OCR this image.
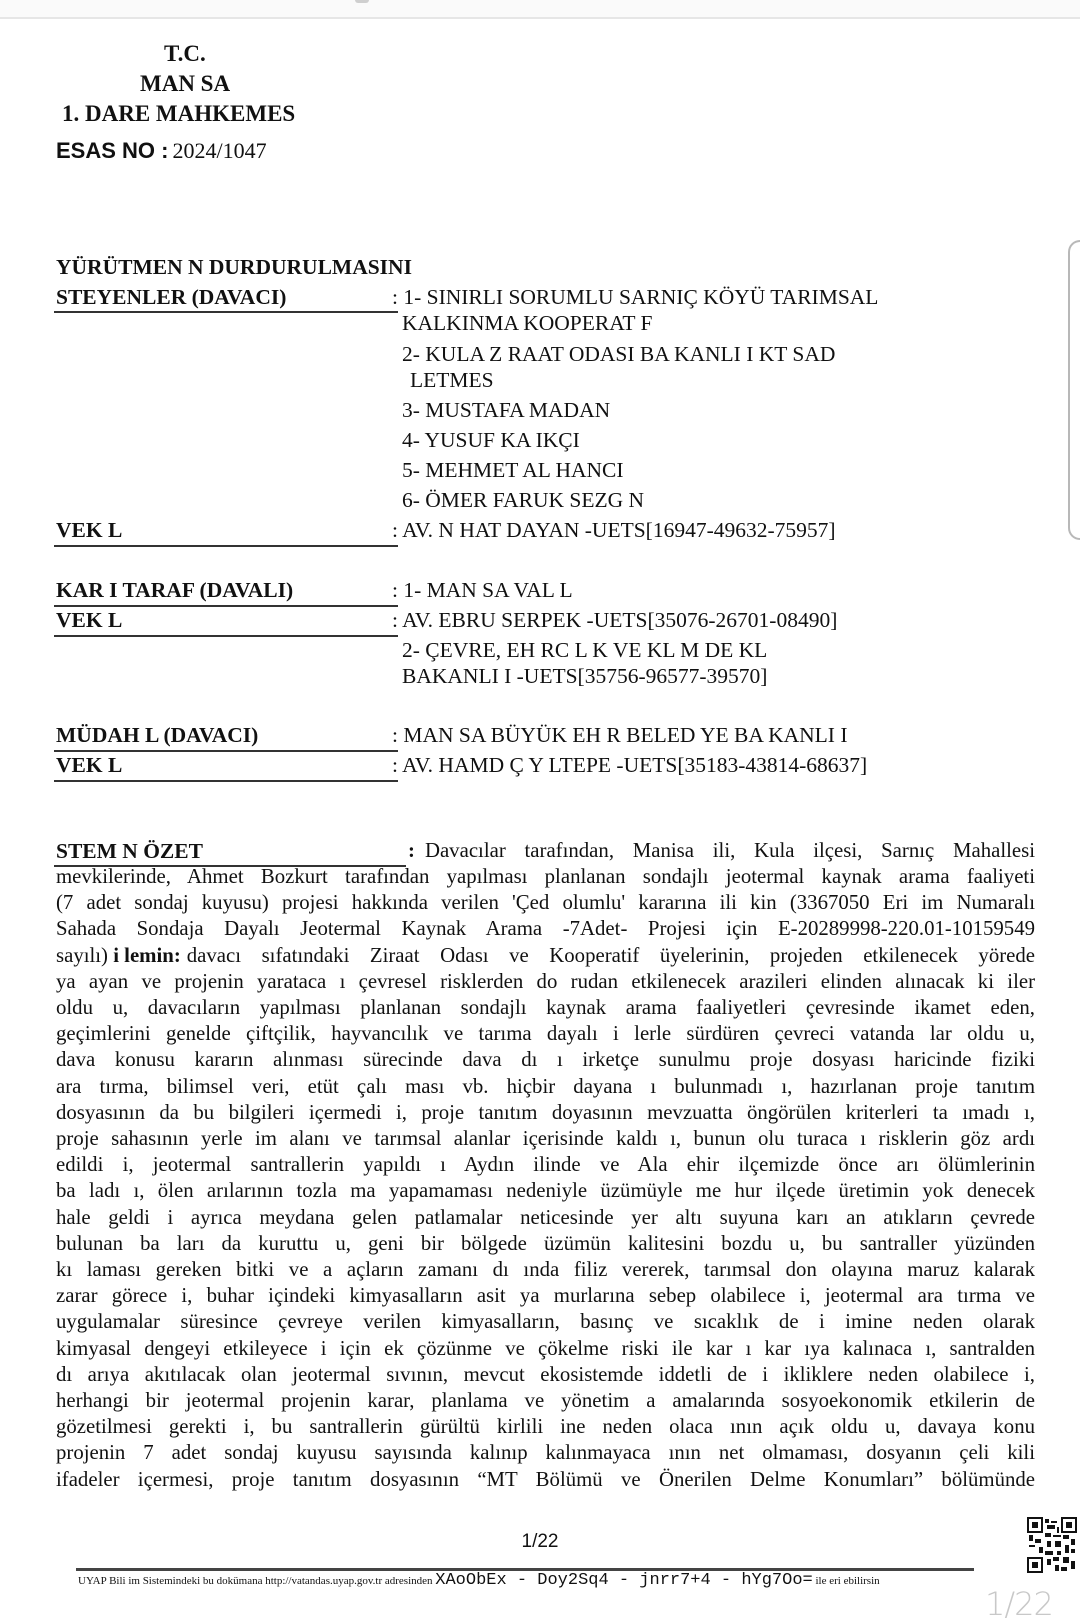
T.C.
MAN SA
1. DARE MAHKEMES
ESAS NO : 2024/1047
YÜRÜTMEN N DURDURULMASINI
STEYENLER (DAVACI)	: 1- SINIRLI SORUMLU SARNIÇ KÖYÜ TARIMSAL
KALKINMA KOOPERAT F
2- KULA Z RAAT ODASI BA KANLI I KT SAD
LETMES
3- MUSTAFA MADAN
4- YUSUF KA IKÇI
5- MEHMET AL HANCI
6- ÖMER FARUK SEZG N
VEK L	: AV. N HAT DAYAN -UETS[16947-49632-75957]
KAR I TARAF (DAVALI)	: 1- MAN SA VAL L
VEK L	: AV. EBRU SERPEK -UETS[35076-26701-08490]
2- ÇEVRE, EH RC L K VE KL M DE KL
BAKANLI I -UETS[35756-96577-39570]
MÜDAH L (DAVACI)	: MAN SA BÜYÜK EH R BELED YE BA KANLI I
VEK L	: AV. HAMD Ç Y LTEPE -UETS[35183-43814-68637]
STEM N ÖZET	: Davacılar tarafından, Manisa ili, Kula ilçesi, Sarnıç Mahallesi
mevkilerinde, Ahmet Bozkurt tarafından yapılması planlanan sondajlı jeotermal kaynak arama faaliyeti
(7 adet sondaj kuyusu) projesi hakkında verilen 'Çed olumlu' kararına ili kin (3367050 Eri im Numaralı
Sahada Sondaja Dayalı Jeotermal Kaynak Arama -7Adet- Projesi için E-20289998-220.01-10159549
sayılı) i lemin: davacı sıfatındaki Ziraat Odası ve Kooperatif üyelerinin, projeden etkilenecek yörede
ya ayan ve projenin yarataca ı çevresel risklerden do rudan etkilenecek arazileri elinden alınacak ki iler
oldu u, davacıların yapılması planlanan sondajlı kaynak arama faaliyetleri çevresinde ikamet eden,
geçimlerini genelde çiftçilik, hayvancılık ve tarıma dayalı i lerle sürdüren çevreci vatanda lar oldu u,
dava konusu kararın alınması sürecinde dava dı ı irketçe sunulmu proje dosyası haricinde fiziki
ara tırma, bilimsel veri, etüt çalı ması vb. hiçbir dayana ı bulunmadı ı, hazırlanan proje tanıtım
dosyasının da bu bilgileri içermedi i, proje tanıtım doyasının mevzuatta öngörülen kriterleri ta ımadı ı,
proje sahasının yerle im alanı ve tarımsal alanlar içerisinde kaldı ı, bunun olu turaca ı risklerin göz ardı
edildi i, jeotermal santrallerin yapıldı ı Aydın ilinde ve Ala ehir ilçemizde önce arı ölümlerinin
ba ladı ı, ölen arılarının tozla ma yapamaması nedeniyle üzümüyle me hur ilçede üretimin yok denecek
hale geldi i ayrıca meydana gelen patlamalar neticesinde yer altı suyuna karı an atıkların çevrede
bulunan ba ları da kuruttu u, geni bir bölgede üzümün kalitesini bozdu u, bu santraller yüzünden
kı laması gereken bitki ve a açların zamanı dı ında filiz vererek, tarımsal don olayına maruz kalarak
zarar görece i, buhar içindeki kimyasalların asit ya murlarına sebep olabilece i, jeotermal ara tırma ve
uygulamalar süresince çevreye verilen kimyasalların, basınç ve sıcaklık de i imine neden olarak
kimyasal dengeyi etkileyece i için ek çözünme ve çökelme riski ile kar ı kar ıya kalınaca ı, santralden
dı arıya akıtılacak olan jeotermal sıvının, mevcut ekosistemde iddetli de i ikliklere neden olabilece i,
herhangi bir jeotermal projenin karar, planlama ve yönetim a amalarında sosyoekonomik etkilerin de
gözetilmesi gerekti i, bu santrallerin gürültü kirlili ine neden olaca ının açık oldu u, davaya konu
projenin 7 adet sondaj kuyusu sayısında kalınıp kalınmayaca ının net olmaması, dosyanın çeli kili
ifadeler içermesi, proje tanıtım dosyasının “MT Bölümü ve Önerilen Delme Konumları” bölümünde
1/22
UYAP Bili im Sistemindeki bu dokümana http://vatandas.uyap.gov.tr adresinden XAoObEx - Doy2Sq4 - jnrr7+4 - hYg7Oo= ile eri ebilirsin
1/22
